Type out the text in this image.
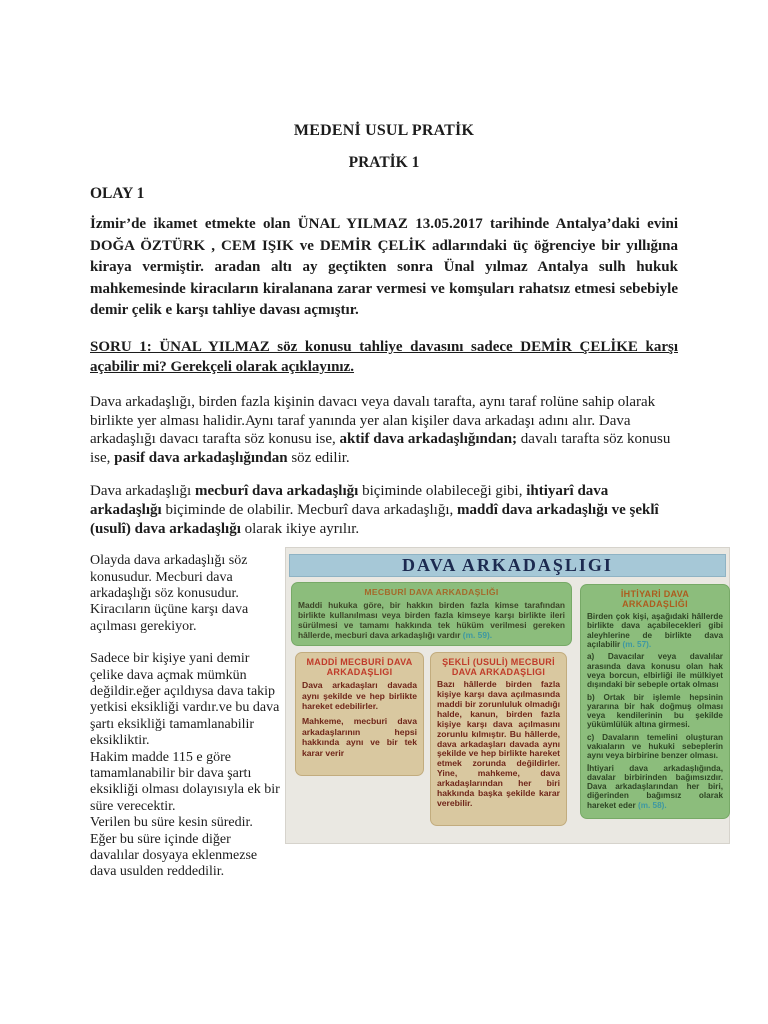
MEDENİ USUL PRATİK
PRATİK 1
OLAY 1

İzmir’de ikamet etmekte olan ÜNAL YILMAZ 13.05.2017 tarihinde Antalya’daki evini DOĞA ÖZTÜRK , CEM IŞIK ve DEMİR ÇELİK adlarındaki üç öğrenciye bir yıllığına kiraya vermiştir. aradan altı ay geçtikten sonra Ünal yılmaz Antalya sulh hukuk mahkemesinde kiracıların kiralanana zarar vermesi ve komşuları rahatsız etmesi sebebiyle demir çelik e karşı tahliye davası açmıştır.

SORU 1: ÜNAL YILMAZ söz konusu tahliye davasını sadece DEMİR ÇELİKE karşı açabilir mi? Gerekçeli olarak açıklayınız.

Dava arkadaşlığı, birden fazla kişinin davacı veya davalı tarafta, aynı taraf rolüne sahip olarak birlikte yer alması halidir.Aynı taraf yanında yer alan kişiler dava arkadaşı adını alır. Dava arkadaşlığı davacı tarafta söz konusu ise, aktif dava arkadaşlığından; davalı tarafta söz konusu ise, pasif dava arkadaşlığından söz edilir.

Dava arkadaşlığı mecburî dava arkadaşlığı biçiminde olabileceği gibi, ihtiyarî dava arkadaşlığı biçiminde de olabilir. Mecburî dava arkadaşlığı, maddî dava arkadaşlığı ve şeklî (usulî) dava arkadaşlığı olarak ikiye ayrılır.

DAVA ARKADAŞLIGI
MECBURİ DAVA ARKADAŞLIĞI

Maddi hukuka göre, bir hakkın birden fazla kimse tarafından birlikte kullanılması veya birden fazla kimseye karşı birlikte ileri sürülmesi ve tamamı hakkında tek hüküm verilmesi gereken hâllerde, mecburi dava arkadaşlığı vardır (m. 59).

MADDİ MECBURİ DAVA ARKADAŞLIGI

Dava arkadaşları davada aynı şekilde ve hep birlikte hareket edebilirler.

Mahkeme, mecburi dava arkadaşlarının hepsi hakkında aynı ve bir tek karar verir

ŞEKLİ (USULİ) MECBURİ DAVA ARKADAŞLIGI

Bazı hâllerde birden fazla kişiye karşı dava açılmasında maddi bir zorunluluk olmadığı halde, kanun, birden fazla kişiye karşı dava açılmasını zorunlu kılmıştır. Bu hâllerde, dava arkadaşları davada aynı şekilde ve hep birlikte hareket etmek zorunda değildirler. Yine, mahkeme, dava arkadaşlarından her biri hakkında başka şekilde karar verebilir.

İHTİYARİ DAVA ARKADAŞLIĞI

Birden çok kişi, aşağıdaki hâllerde birlikte dava açabilecekleri gibi aleyhlerine de birlikte dava açılabilir (m. 57).

a) Davacılar veya davalılar arasında dava konusu olan hak veya borcun, elbirliği ile mülkiyet dışındaki bir sebeple ortak olması

b) Ortak bir işlemle hepsinin yararına bir hak doğmuş olması veya kendilerinin bu şekilde yükümlülük altına girmesi.

c) Davaların temelini oluşturan vakıaların ve hukuki sebeplerin aynı veya birbirine benzer olması.

İhtiyari dava arkadaşlığında, davalar birbirinden bağımsızdır. Dava arkadaşlarından her biri, diğerinden bağımsız olarak hareket eder (m. 58).

Olayda dava arkadaşlığı söz konusudur. Mecburi dava arkadaşlığı söz konusudur. Kiracıların üçüne karşı dava açılması gerekiyor.

Sadece bir kişiye yani demir çelike dava açmak mümkün değildir.eğer açıldıysa dava takip yetkisi eksikliği vardır.ve bu dava şartı eksikliği tamamlanabilir eksikliktir.

Hakim madde 115 e göre tamamlanabilir bir dava şartı eksikliği olması dolayısıyla ek bir süre verecektir.

Verilen bu süre kesin süredir.

Eğer bu süre içinde diğer davalılar dosyaya eklenmezse dava usulden reddedilir.
